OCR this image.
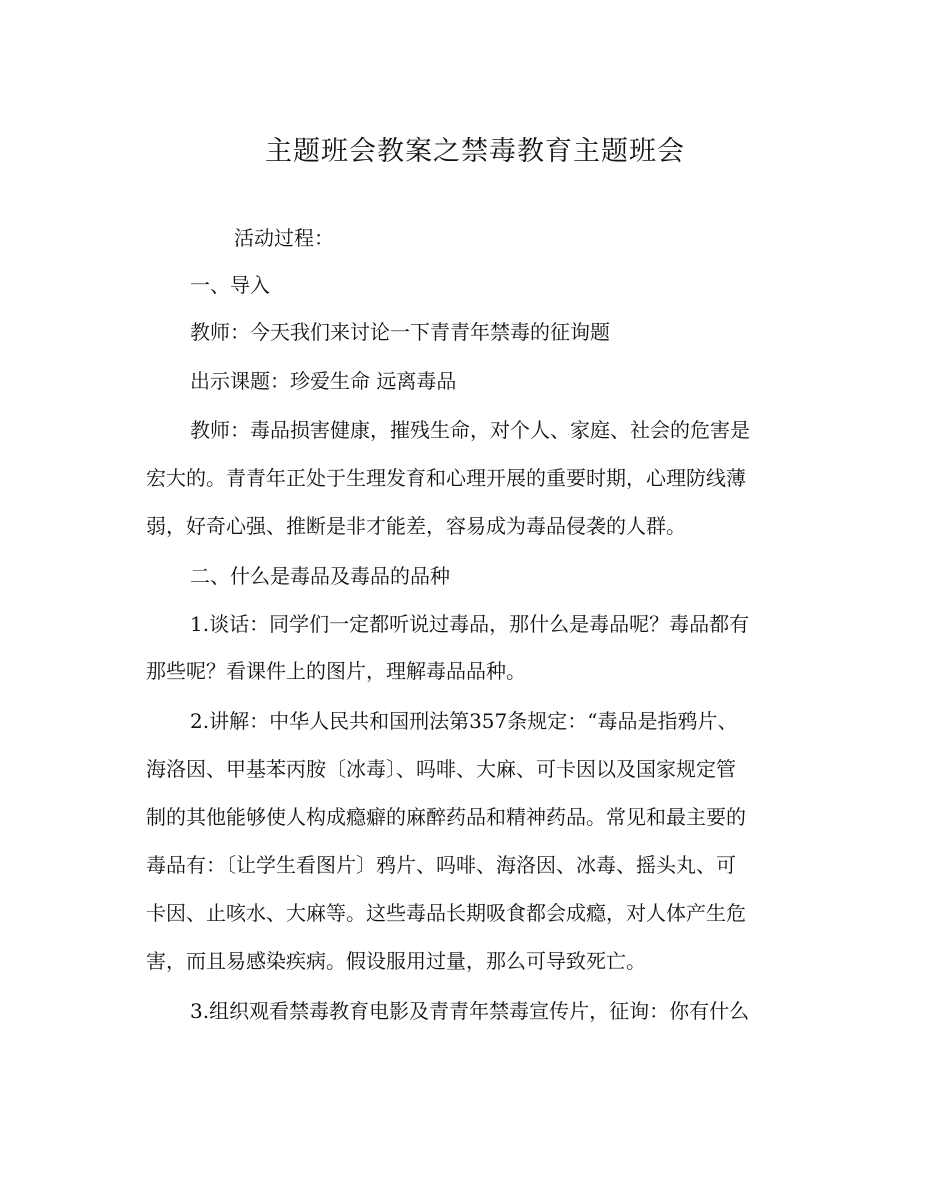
主题班会教案之禁毒教育主题班会
活动过程：
一、导入
教师：今天我们来讨论一下青青年禁毒的征询题
出示课题：珍爱生命 远离毒品
教师：毒品损害健康，摧残生命，对个人、家庭、社会的危害是
宏大的。青青年正处于生理发育和心理开展的重要时期，心理防线薄
弱，好奇心强、推断是非才能差，容易成为毒品侵袭的人群。
二、什么是毒品及毒品的品种
1.谈话：同学们一定都听说过毒品，那什么是毒品呢？毒品都有
那些呢？看课件上的图片，理解毒品品种。
2.讲解：中华人民共和国刑法第357条规定：“毒品是指鸦片、
海洛因、甲基苯丙胺〔冰毒〕、吗啡、大麻、可卡因以及国家规定管
制的其他能够使人构成瘾癖的麻醉药品和精神药品。常见和最主要的
毒品有：〔让学生看图片〕鸦片、吗啡、海洛因、冰毒、摇头丸、可
卡因、止咳水、大麻等。这些毒品长期吸食都会成瘾，对人体产生危
害，而且易感染疾病。假设服用过量，那么可导致死亡。
3.组织观看禁毒教育电影及青青年禁毒宣传片，征询：你有什么
